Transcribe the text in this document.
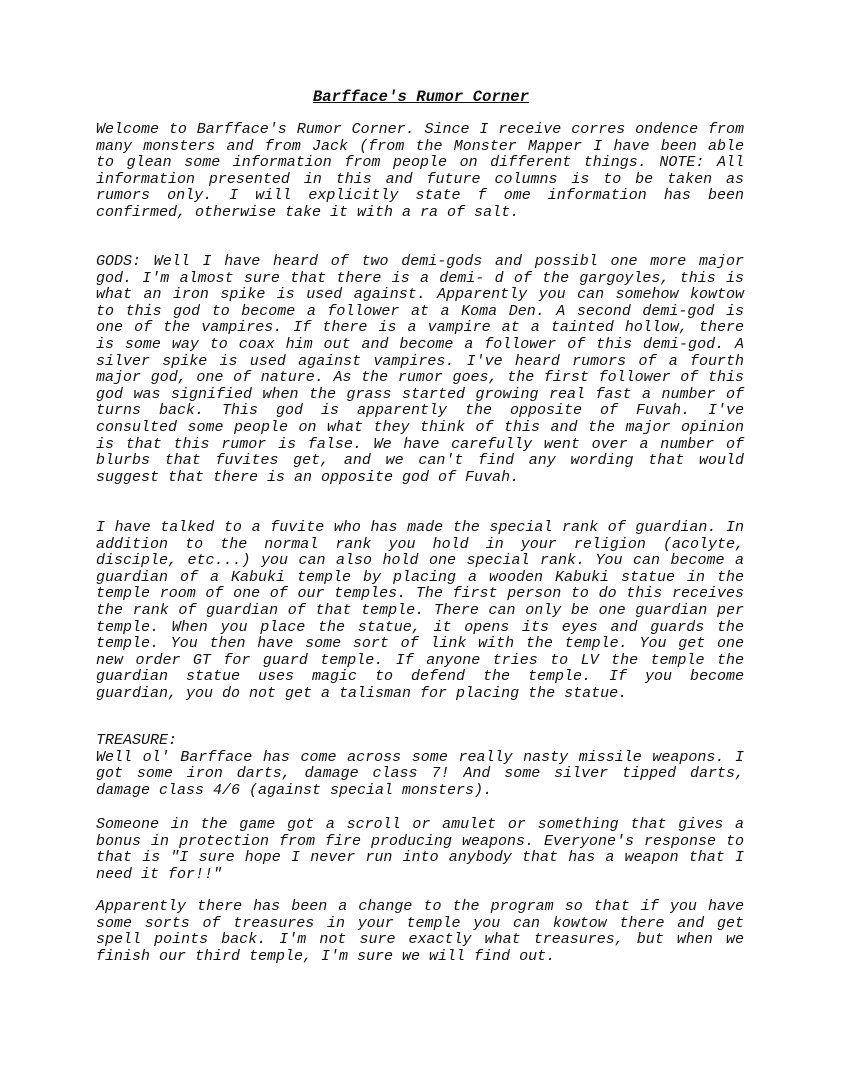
Barfface's Rumor Corner

Welcome to Barfface's Rumor Corner. Since I receive corres ondence from many monsters and from Jack (from the Monster Mapper I have been able to glean some information from people on different things. NOTE: All information presented in this and future columns is to be taken as rumors only. I will explicitly state f ome information has been confirmed, otherwise take it with a ra of salt.

GODS: Well I have heard of two demi-gods and possibl one more major god. I'm almost sure that there is a demi- d of the gargoyles, this is what an iron spike is used against. Apparently you can somehow kowtow to this god to become a follower at a Koma Den. A second demi-god is one of the vampires. If there is a vampire at a tainted hollow, there is some way to coax him out and become a follower of this demi-god. A silver spike is used against vampires. I've heard rumors of a fourth major god, one of nature. As the rumor goes, the first follower of this god was signified when the grass started growing real fast a number of turns back. This god is apparently the opposite of Fuvah. I've consulted some people on what they think of this and the major opinion is that this rumor is false. We have carefully went over a number of blurbs that fuvites get, and we can't find any wording that would suggest that there is an opposite god of Fuvah.

I have talked to a fuvite who has made the special rank of guardian. In addition to the normal rank you hold in your religion (acolyte, disciple, etc...) you can also hold one special rank. You can become a guardian of a Kabuki temple by placing a wooden Kabuki statue in the temple room of one of our temples. The first person to do this receives the rank of guardian of that temple. There can only be one guardian per temple. When you place the statue, it opens its eyes and guards the temple. You then have some sort of link with the temple. You get one new order GT for guard temple. If anyone tries to LV the temple the guardian statue uses magic to defend the temple. If you become guardian, you do not get a talisman for placing the statue.

TREASURE:
Well ol' Barfface has come across some really nasty missile weapons. I got some iron darts, damage class 7! And some silver tipped darts, damage class 4/6 (against special monsters).

Someone in the game got a scroll or amulet or something that gives a bonus in protection from fire producing weapons. Everyone's response to that is "I sure hope I never run into anybody that has a weapon that I need it for!!"

Apparently there has been a change to the program so that if you have some sorts of treasures in your temple you can kowtow there and get spell points back. I'm not sure exactly what treasures, but when we finish our third temple, I'm sure we will find out.
